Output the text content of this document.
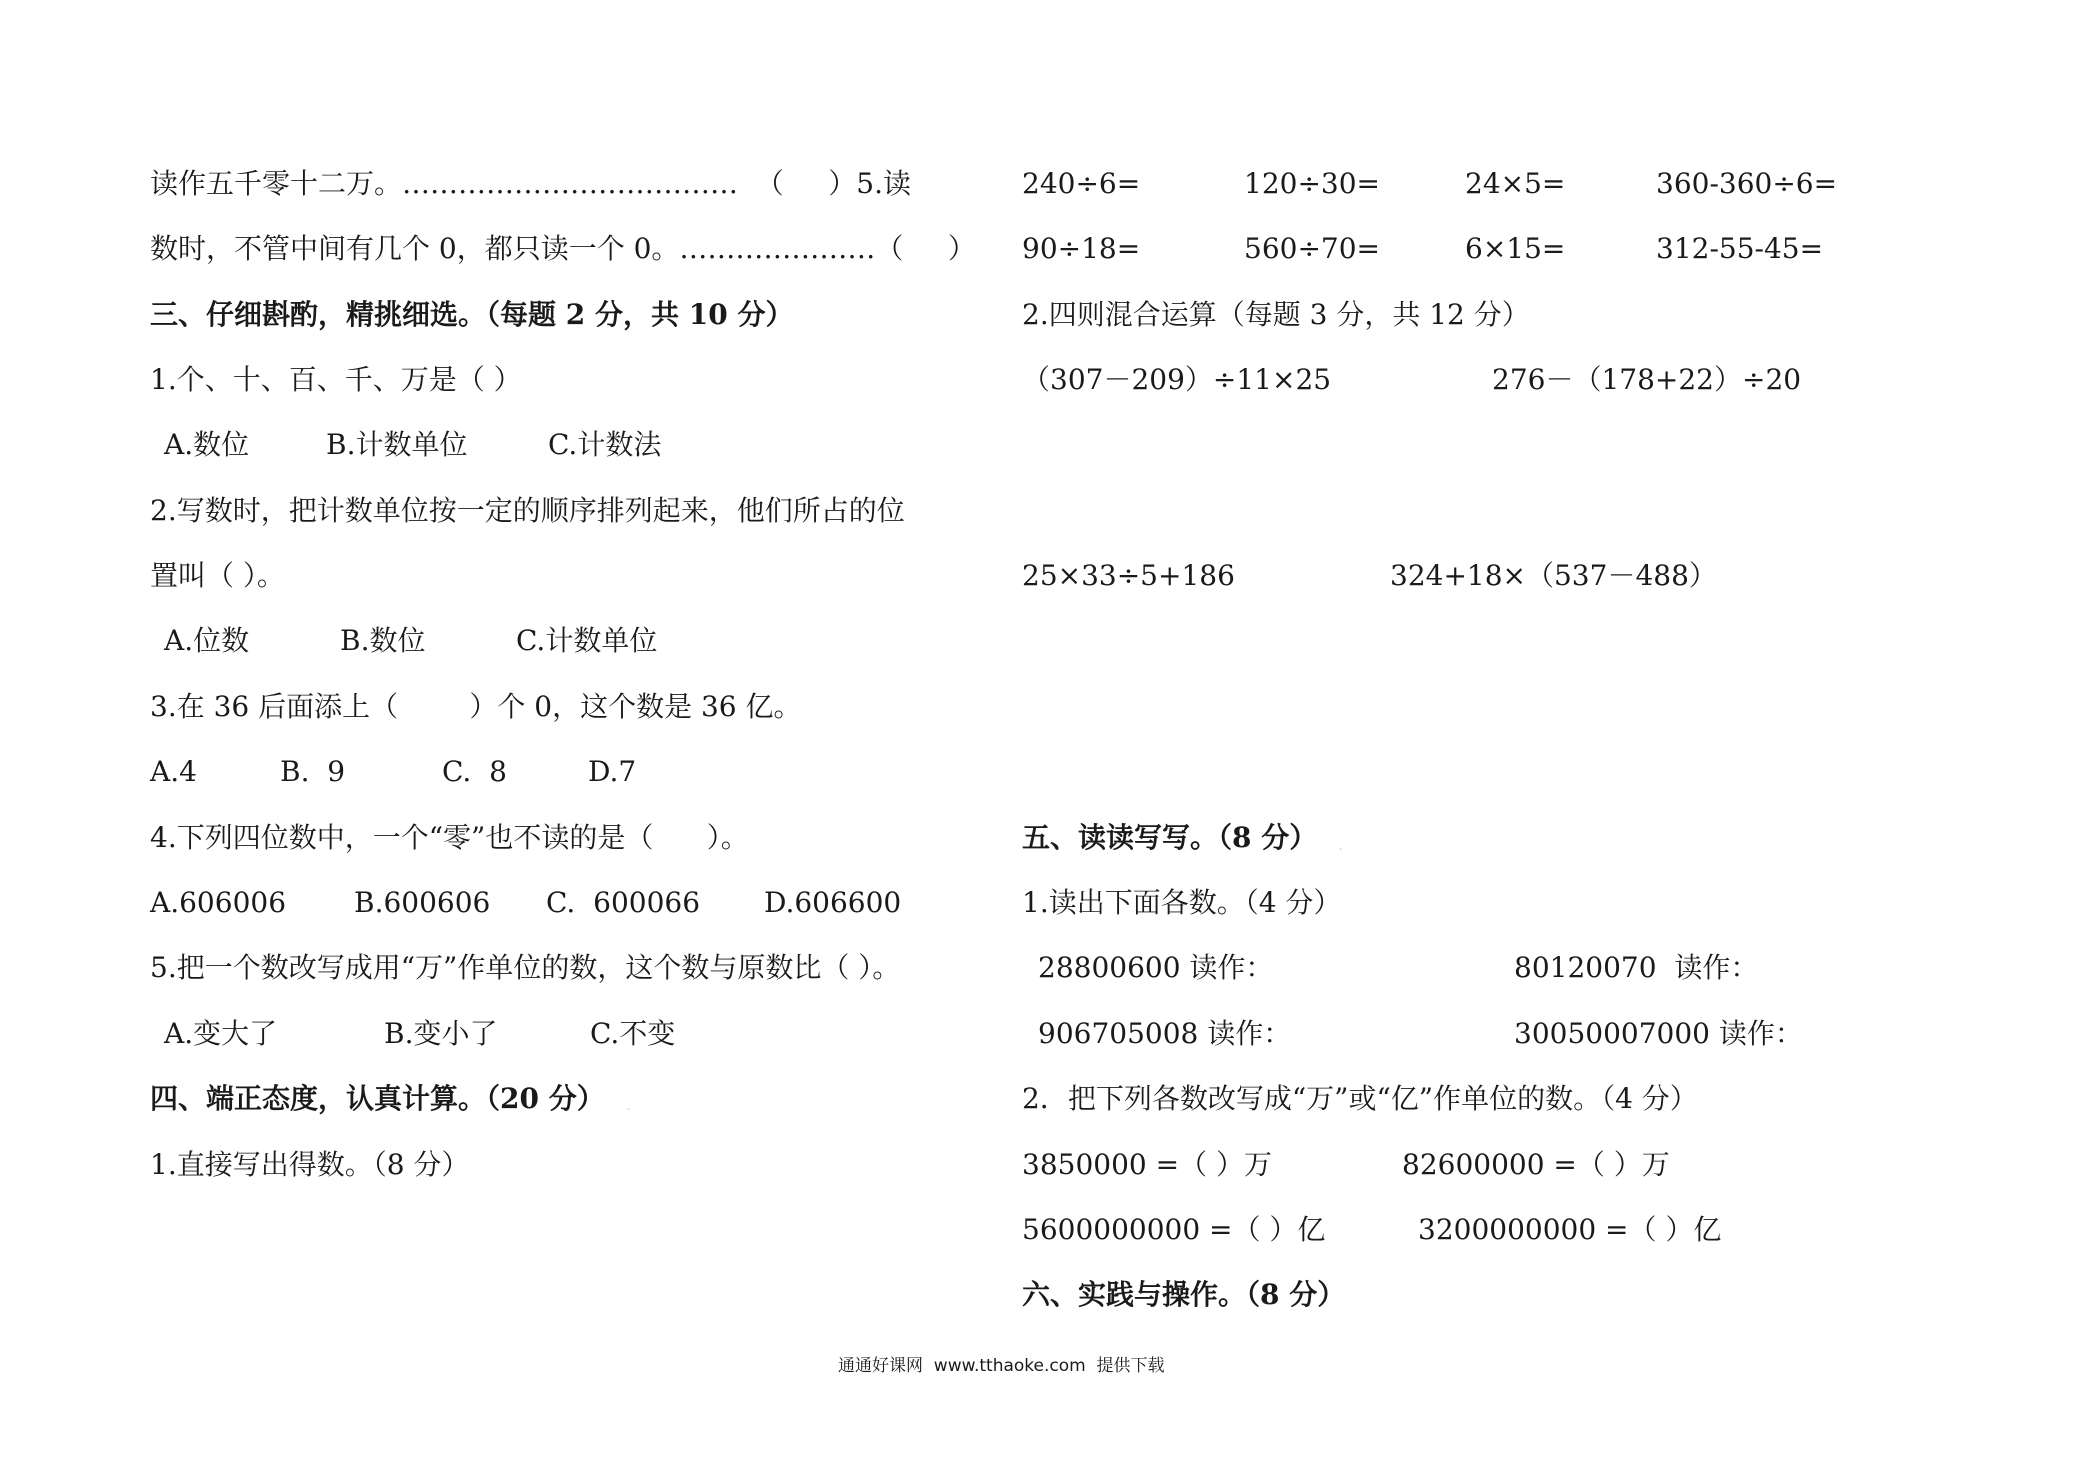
读作五千零十二万。………………………………  （     ）5.读
数时，不管中间有几个 0，都只读一个 0。…………………（     ）
三、仔细斟酌，精挑细选。（每题 2 分，共 10 分）
1.个、十、百、千、万是（ ）
A.数位	B.计数单位	C.计数法
2.写数时，把计数单位按一定的顺序排列起来，他们所占的位
置叫（ ）。
A.位数	B.数位	C.计数单位
3.在 36 后面添上（        ）个 0，这个数是 36 亿。
A.4	B.  9	C.  8	D.7
4.下列四位数中，一个“零”也不读的是（      ）。
A.606006 B.600606 C.  600066 D.606600
5.把一个数改写成用“万”作单位的数，这个数与原数比（ ）。
A.变大了	B.变小了	C.不变
四、端正态度，认真计算。（20 分）
1.直接写出得数。（8 分）
240÷6=	120÷30=	24×5=	360-360÷6=
90÷18=	560÷70=	6×15=	312-55-45=
2.四则混合运算（每题 3 分，共 12 分）
（307－209）÷11×25	276－（178+22）÷20
25×33÷5+186	324+18×（537－488）
五、读读写写。（8 分）
1.读出下面各数。（4 分）
28800600 读作：	80120070  读作：
906705008 读作：	30050007000 读作：
2．把下列各数改写成“万”或“亿”作单位的数。（4 分）
3850000 =（ ）万	82600000 =（ ）万
5600000000 =（ ）亿	3200000000 =（ ）亿
六、实践与操作。（8 分）
.
.
通通好课网  www.tthaoke.com  提供下载
